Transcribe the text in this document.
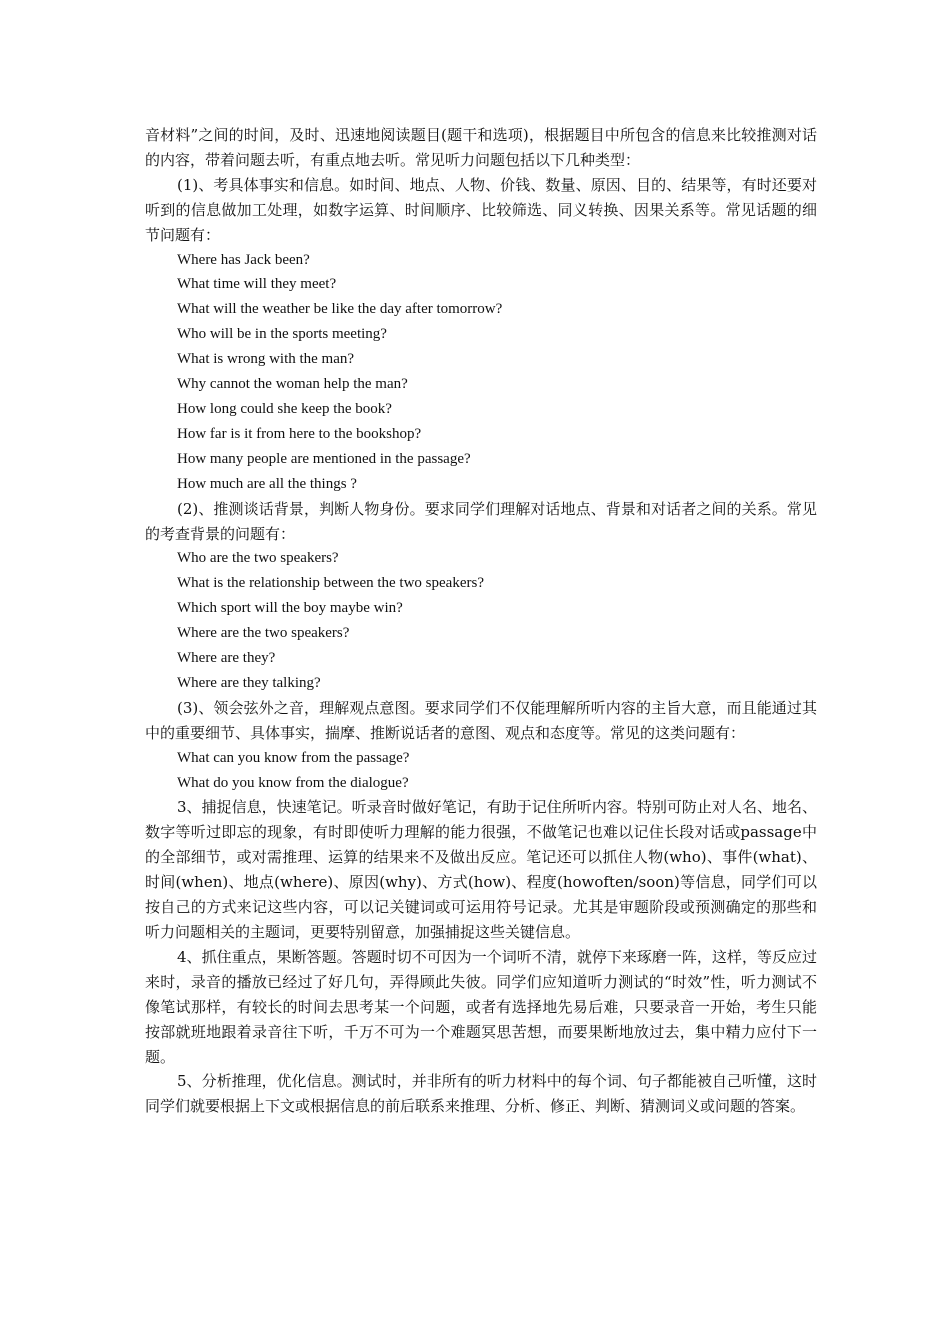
音材料”之间的时间，及时、迅速地阅读题目(题干和选项)，根据题目中所包含的信息来比较推测对话的内容，带着问题去听，有重点地去听。常见听力问题包括以下几种类型：

(1)、考具体事实和信息。如时间、地点、人物、价钱、数量、原因、目的、结果等，有时还要对听到的信息做加工处理，如数字运算、时间顺序、比较筛选、同义转换、因果关系等。常见话题的细节问题有：

Where has Jack been?

What time will they meet?

What will the weather be like the day after tomorrow?

Who will be in the sports meeting?

What is wrong with the man?

Why cannot the woman help the man?

How long could she keep the book?

How far is it from here to the bookshop?

How many people are mentioned in the passage?

How much are all the things ?

(2)、推测谈话背景，判断人物身份。要求同学们理解对话地点、背景和对话者之间的关系。常见的考查背景的问题有：

Who are the two speakers?

What is the relationship between the two speakers?

Which sport will the boy maybe win?

Where are the two speakers?

Where are they?

Where are they talking?

(3)、领会弦外之音，理解观点意图。要求同学们不仅能理解所听内容的主旨大意，而且能通过其中的重要细节、具体事实，揣摩、推断说话者的意图、观点和态度等。常见的这类问题有：

What can you know from the passage?

What do you know from the dialogue?

3、捕捉信息，快速笔记。听录音时做好笔记，有助于记住所听内容。特别可防止对人名、地名、数字等听过即忘的现象，有时即使听力理解的能力很强，不做笔记也难以记住长段对话或passage中的全部细节，或对需推理、运算的结果来不及做出反应。笔记还可以抓住人物(who)、事件(what)、时间(when)、地点(where)、原因(why)、方式(how)、程度(howoften/soon)等信息，同学们可以按自己的方式来记这些内容，可以记关键词或可运用符号记录。尤其是审题阶段或预测确定的那些和听力问题相关的主题词，更要特别留意，加强捕捉这些关键信息。

4、抓住重点，果断答题。答题时切不可因为一个词听不清，就停下来琢磨一阵，这样，等反应过来时，录音的播放已经过了好几句，弄得顾此失彼。同学们应知道听力测试的“时效”性，听力测试不像笔试那样，有较长的时间去思考某一个问题，或者有选择地先易后难，只要录音一开始，考生只能按部就班地跟着录音往下听，千万不可为一个难题冥思苦想，而要果断地放过去，集中精力应付下一题。

5、分析推理，优化信息。测试时，并非所有的听力材料中的每个词、句子都能被自己听懂，这时同学们就要根据上下文或根据信息的前后联系来推理、分析、修正、判断、猜测词义或问题的答案。
